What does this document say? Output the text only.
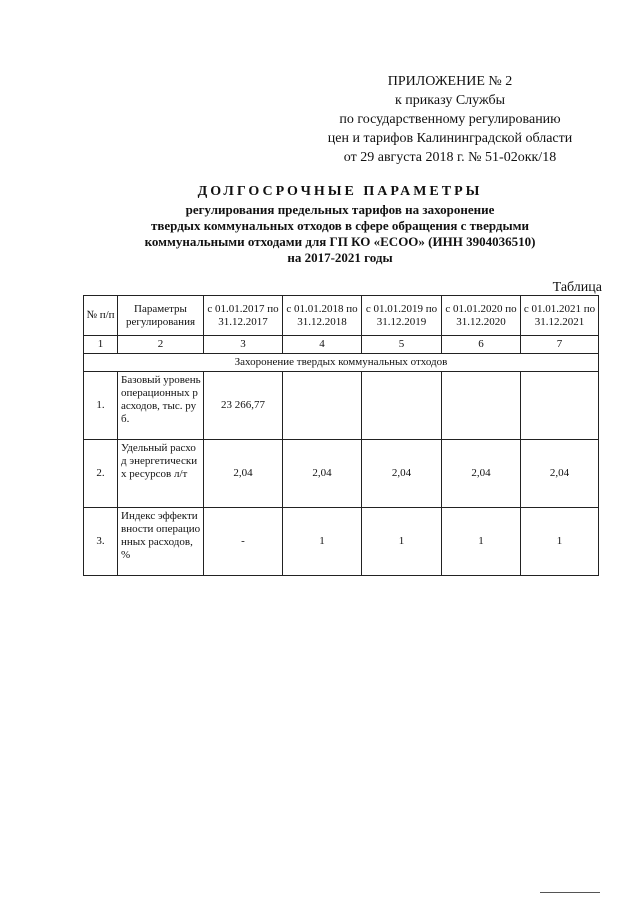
ПРИЛОЖЕНИЕ № 2
к приказу Службы
по государственному регулированию
цен и тарифов Калининградской области
от 29 августа 2018 г. № 51-02окк/18
ДОЛГОСРОЧНЫЕ ПАРАМЕТРЫ
регулирования предельных тарифов на захоронение
твердых коммунальных отходов в сфере обращения с твердыми
коммунальными отходами для ГП КО «ЕСОО» (ИНН 3904036510)
на 2017-2021 годы
Таблица
№ п/п	Параметры регулирования	с 01.01.2017 по 31.12.2017	с 01.01.2018 по 31.12.2018	с 01.01.2019 по 31.12.2019	с 01.01.2020 по 31.12.2020	с 01.01.2021 по 31.12.2021
1	2	3	4	5	6	7
Захоронение твердых коммунальных отходов						
1.	Базовый уровень операционных расходов, тыс. руб.	23 266,77				
2.	Удельный расход энергетических ресурсов л/т	2,04	2,04	2,04	2,04	2,04
3.	Индекс эффективности операционных расходов, %	-	1	1	1	1
